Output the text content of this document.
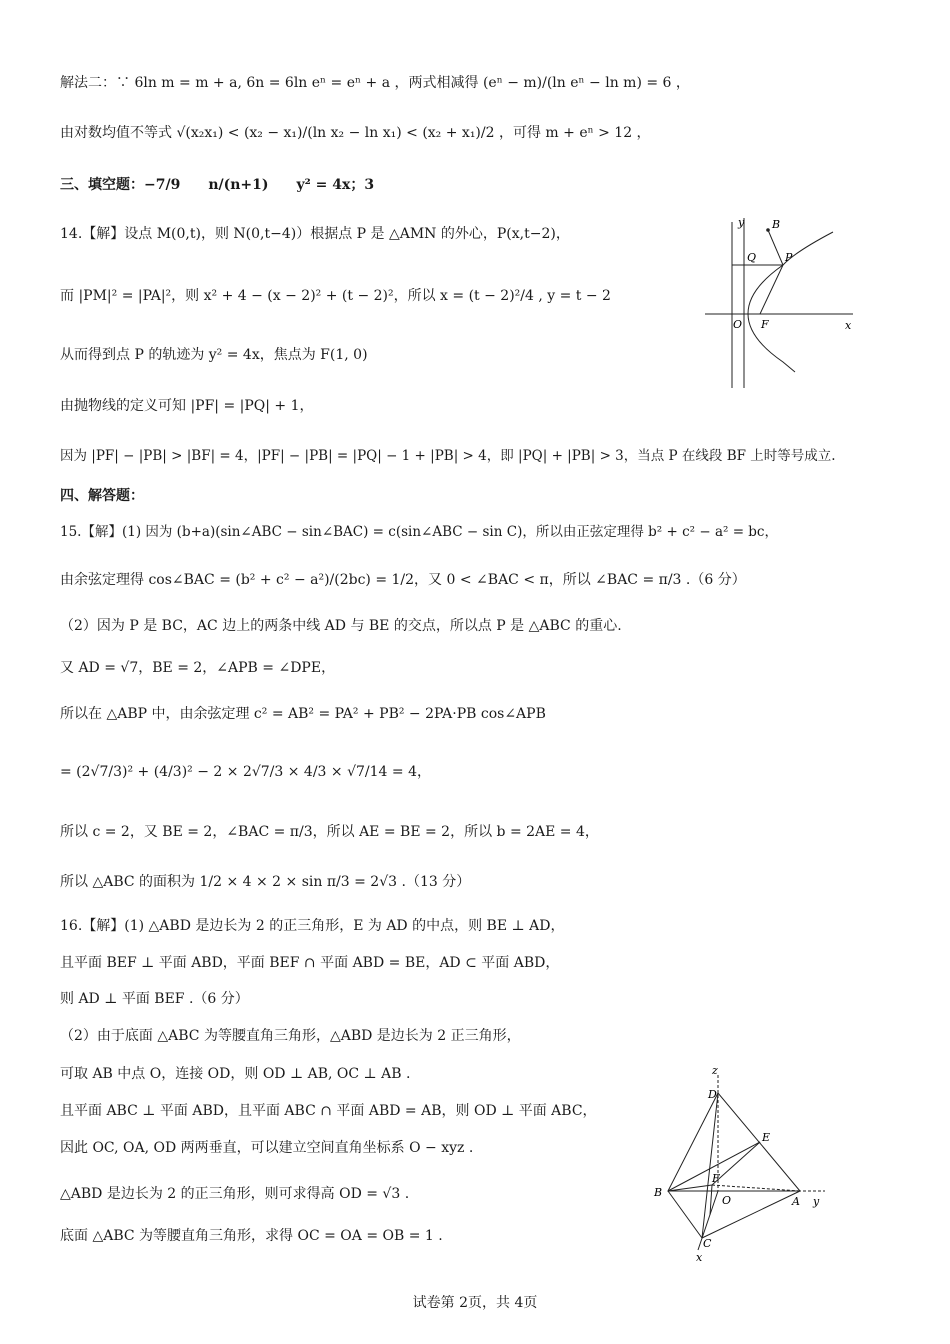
解法二：∵ 6ln m = m + a, 6n = 6ln eⁿ = eⁿ + a ，两式相减得 (eⁿ − m)/(ln eⁿ − ln m) = 6 ，
由对数均值不等式 √(x₂x₁) < (x₂ − x₁)/(ln x₂ − ln x₁) < (x₂ + x₁)/2 ，可得 m + eⁿ > 12 ，
三、填空题：−7/9　　n/(n+1)　　y² = 4x；3
14.【解】设点 M(0,t)，则 N(0,t−4)）根据点 P 是 △AMN 的外心，P(x,t−2)，
而 |PM|² = |PA|²，则 x² + 4 − (x − 2)² + (t − 2)²，所以 x = (t − 2)²/4 , y = t − 2
从而得到点 P 的轨迹为 y² = 4x，焦点为 F(1, 0)
由抛物线的定义可知 |PF| = |PQ| + 1，
因为 |PF| − |PB| > |BF| = 4，|PF| − |PB| = |PQ| − 1 + |PB| > 4，即 |PQ| + |PB| > 3，当点 P 在线段 BF 上时等号成立.
四、解答题：
15.【解】(1) 因为 (b+a)(sin∠ABC − sin∠BAC) = c(sin∠ABC − sin C)，所以由正弦定理得 b² + c² − a² = bc，
由余弦定理得 cos∠BAC = (b² + c² − a²)/(2bc) = 1/2，又 0 < ∠BAC < π，所以 ∠BAC = π/3 .（6 分）
（2）因为 P 是 BC，AC 边上的两条中线 AD 与 BE 的交点，所以点 P 是 △ABC 的重心.
又 AD = √7，BE = 2，∠APB = ∠DPE，
所以在 △ABP 中，由余弦定理 c² = AB² = PA² + PB² − 2PA·PB cos∠APB
= (2√7/3)² + (4/3)² − 2 × 2√7/3 × 4/3 × √7/14 = 4，
所以 c = 2，又 BE = 2，∠BAC = π/3，所以 AE = BE = 2，所以 b = 2AE = 4，
所以 △ABC 的面积为 1/2 × 4 × 2 × sin π/3 = 2√3 .（13 分）
16.【解】(1) △ABD 是边长为 2 的正三角形，E 为 AD 的中点，则 BE ⊥ AD，
且平面 BEF ⊥ 平面 ABD，平面 BEF ∩ 平面 ABD = BE，AD ⊂ 平面 ABD，
则 AD ⊥ 平面 BEF .（6 分）
（2）由于底面 △ABC 为等腰直角三角形，△ABD 是边长为 2 正三角形，
可取 AB 中点 O，连接 OD，则 OD ⊥ AB, OC ⊥ AB .
且平面 ABC ⊥ 平面 ABD，且平面 ABC ∩ 平面 ABD = AB，则 OD ⊥ 平面 ABC，
因此 OC, OA, OD 两两垂直，可以建立空间直角坐标系 O − xyz .
△ABD 是边长为 2 的正三角形，则可求得高 OD = √3 .
底面 △ABC 为等腰直角三角形，求得 OC = OA = OB = 1 .
y	B
Q	P
O F	x
z
D
E
B
F
O	A y
C
x
试卷第 2页，共 4页
